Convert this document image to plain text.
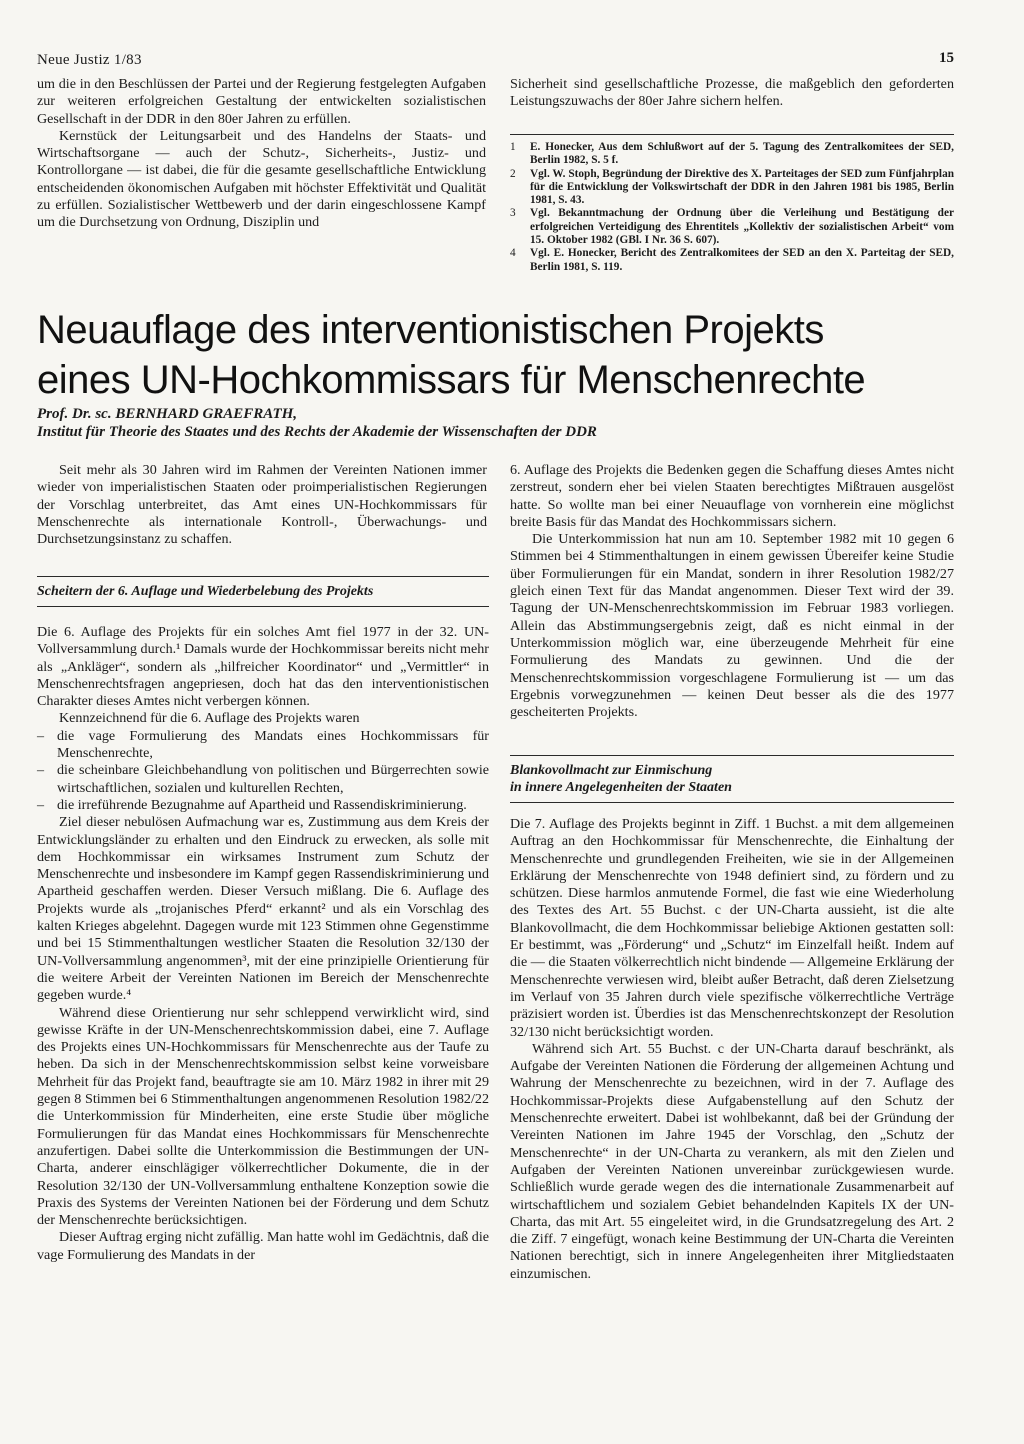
Neue Justiz 1/83	15

um die in den Beschlüssen der Partei und der Regierung festgelegten Aufgaben zur weiteren erfolgreichen Gestaltung der entwickelten sozialistischen Gesellschaft in der DDR in den 80er Jahren zu erfüllen.

Kernstück der Leitungsarbeit und des Handelns der Staats- und Wirtschaftsorgane — auch der Schutz-, Sicherheits-, Justiz- und Kontrollorgane — ist dabei, die für die gesamte gesellschaftliche Entwicklung entscheidenden ökonomischen Aufgaben mit höchster Effektivität und Qualität zu erfüllen. Sozialistischer Wettbewerb und der darin eingeschlossene Kampf um die Durchsetzung von Ordnung, Disziplin und

Sicherheit sind gesellschaftliche Prozesse, die maßgeblich den geforderten Leistungszuwachs der 80er Jahre sichern helfen.

1	E. Honecker, Aus dem Schlußwort auf der 5. Tagung des Zentralkomitees der SED, Berlin 1982, S. 5 f.
2	Vgl. W. Stoph, Begründung der Direktive des X. Parteitages der SED zum Fünfjahrplan für die Entwicklung der Volkswirtschaft der DDR in den Jahren 1981 bis 1985, Berlin 1981, S. 43.
3	Vgl. Bekanntmachung der Ordnung über die Verleihung und Bestätigung der erfolgreichen Verteidigung des Ehrentitels „Kollektiv der sozialistischen Arbeit“ vom 15. Oktober 1982 (GBl. I Nr. 36 S. 607).
4	Vgl. E. Honecker, Bericht des Zentralkomitees der SED an den X. Parteitag der SED, Berlin 1981, S. 119.
Neuauflage des interventionistischen Projekts
eines UN-Hochkommissars für Menschenrechte
Prof. Dr. sc. BERNHARD GRAEFRATH,
Institut für Theorie des Staates und des Rechts der Akademie der Wissenschaften der DDR

Seit mehr als 30 Jahren wird im Rahmen der Vereinten Nationen immer wieder von imperialistischen Staaten oder proimperialistischen Regierungen der Vorschlag unterbreitet, das Amt eines UN-Hochkommissars für Menschenrechte als internationale Kontroll-, Überwachungs- und Durchsetzungsinstanz zu schaffen.

Scheitern der 6. Auflage und Wiederbelebung des Projekts

Die 6. Auflage des Projekts für ein solches Amt fiel 1977 in der 32. UN-Vollversammlung durch.¹ Damals wurde der Hochkommissar bereits nicht mehr als „Ankläger“, sondern als „hilfreicher Koordinator“ und „Vermittler“ in Menschenrechtsfragen angepriesen, doch hat das den interventionistischen Charakter dieses Amtes nicht verbergen können.

Kennzeichnend für die 6. Auflage des Projekts waren

– die vage Formulierung des Mandats eines Hochkommissars für Menschenrechte,
– die scheinbare Gleichbehandlung von politischen und Bürgerrechten sowie wirtschaftlichen, sozialen und kulturellen Rechten,
– die irreführende Bezugnahme auf Apartheid und Rassendiskriminierung.

Ziel dieser nebulösen Aufmachung war es, Zustimmung aus dem Kreis der Entwicklungsländer zu erhalten und den Eindruck zu erwecken, als solle mit dem Hochkommissar ein wirksames Instrument zum Schutz der Menschenrechte und insbesondere im Kampf gegen Rassendiskriminierung und Apartheid geschaffen werden. Dieser Versuch mißlang. Die 6. Auflage des Projekts wurde als „trojanisches Pferd“ erkannt² und als ein Vorschlag des kalten Krieges abgelehnt. Dagegen wurde mit 123 Stimmen ohne Gegenstimme und bei 15 Stimmenthaltungen westlicher Staaten die Resolution 32/130 der UN-Vollversammlung angenommen³, mit der eine prinzipielle Orientierung für die weitere Arbeit der Vereinten Nationen im Bereich der Menschenrechte gegeben wurde.⁴

Während diese Orientierung nur sehr schleppend verwirklicht wird, sind gewisse Kräfte in der UN-Menschenrechtskommission dabei, eine 7. Auflage des Projekts eines UN-Hochkommissars für Menschenrechte aus der Taufe zu heben. Da sich in der Menschenrechtskommission selbst keine vorweisbare Mehrheit für das Projekt fand, beauftragte sie am 10. März 1982 in ihrer mit 29 gegen 8 Stimmen bei 6 Stimmenthaltungen angenommenen Resolution 1982/22 die Unterkommission für Minderheiten, eine erste Studie über mögliche Formulierungen für das Mandat eines Hochkommissars für Menschenrechte anzufertigen. Dabei sollte die Unterkommission die Bestimmungen der UN-Charta, anderer einschlägiger völkerrechtlicher Dokumente, die in der Resolution 32/130 der UN-Vollversammlung enthaltene Konzeption sowie die Praxis des Systems der Vereinten Nationen bei der Förderung und dem Schutz der Menschenrechte berücksichtigen.

Dieser Auftrag erging nicht zufällig. Man hatte wohl im Gedächtnis, daß die vage Formulierung des Mandats in der

6. Auflage des Projekts die Bedenken gegen die Schaffung dieses Amtes nicht zerstreut, sondern eher bei vielen Staaten berechtigtes Mißtrauen ausgelöst hatte. So wollte man bei einer Neuauflage von vornherein eine möglichst breite Basis für das Mandat des Hochkommissars sichern.

Die Unterkommission hat nun am 10. September 1982 mit 10 gegen 6 Stimmen bei 4 Stimmenthaltungen in einem gewissen Übereifer keine Studie über Formulierungen für ein Mandat, sondern in ihrer Resolution 1982/27 gleich einen Text für das Mandat angenommen. Dieser Text wird der 39. Tagung der UN-Menschenrechtskommission im Februar 1983 vorliegen. Allein das Abstimmungsergebnis zeigt, daß es nicht einmal in der Unterkommission möglich war, eine überzeugende Mehrheit für eine Formulierung des Mandats zu gewinnen. Und die der Menschenrechtskommission vorgeschlagene Formulierung ist — um das Ergebnis vorwegzunehmen — keinen Deut besser als die des 1977 gescheiterten Projekts.

Blankovollmacht zur Einmischung
in innere Angelegenheiten der Staaten

Die 7. Auflage des Projekts beginnt in Ziff. 1 Buchst. a mit dem allgemeinen Auftrag an den Hochkommissar für Menschenrechte, die Einhaltung der Menschenrechte und grundlegenden Freiheiten, wie sie in der Allgemeinen Erklärung der Menschenrechte von 1948 definiert sind, zu fördern und zu schützen. Diese harmlos anmutende Formel, die fast wie eine Wiederholung des Textes des Art. 55 Buchst. c der UN-Charta aussieht, ist die alte Blankovollmacht, die dem Hochkommissar beliebige Aktionen gestatten soll: Er bestimmt, was „Förderung“ und „Schutz“ im Einzelfall heißt. Indem auf die — die Staaten völkerrechtlich nicht bindende — Allgemeine Erklärung der Menschenrechte verwiesen wird, bleibt außer Betracht, daß deren Zielsetzung im Verlauf von 35 Jahren durch viele spezifische völkerrechtliche Verträge präzisiert worden ist. Überdies ist das Menschenrechtskonzept der Resolution 32/130 nicht berücksichtigt worden.

Während sich Art. 55 Buchst. c der UN-Charta darauf beschränkt, als Aufgabe der Vereinten Nationen die Förderung der allgemeinen Achtung und Wahrung der Menschenrechte zu bezeichnen, wird in der 7. Auflage des Hochkommissar-Projekts diese Aufgabenstellung auf den Schutz der Menschenrechte erweitert. Dabei ist wohlbekannt, daß bei der Gründung der Vereinten Nationen im Jahre 1945 der Vorschlag, den „Schutz der Menschenrechte“ in der UN-Charta zu verankern, als mit den Zielen und Aufgaben der Vereinten Nationen unvereinbar zurückgewiesen wurde. Schließlich wurde gerade wegen des die internationale Zusammenarbeit auf wirtschaftlichem und sozialem Gebiet behandelnden Kapitels IX der UN-Charta, das mit Art. 55 eingeleitet wird, in die Grundsatzregelung des Art. 2 die Ziff. 7 eingefügt, wonach keine Bestimmung der UN-Charta die Vereinten Nationen berechtigt, sich in innere Angelegenheiten ihrer Mitgliedstaaten einzumischen.
